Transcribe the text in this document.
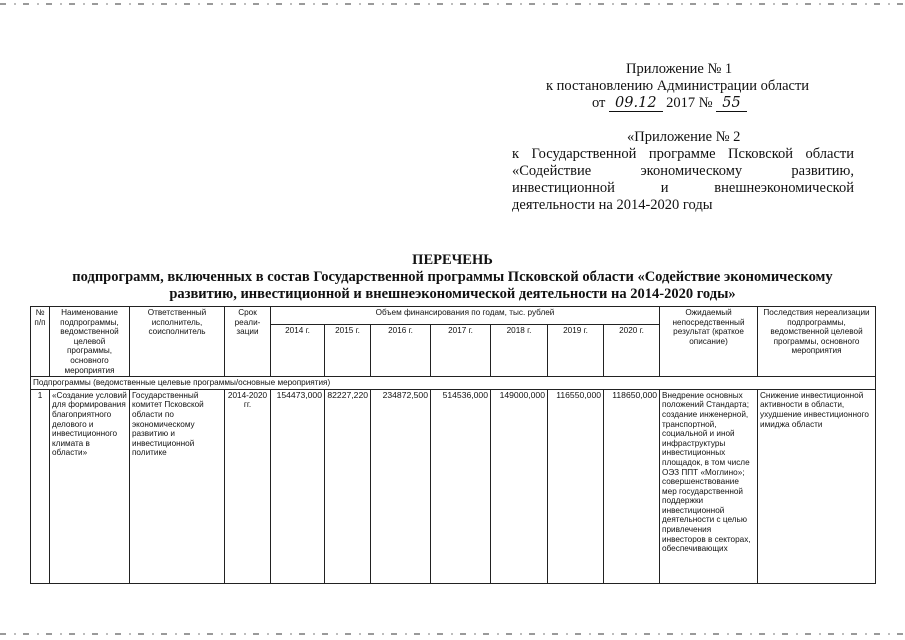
Приложение № 1
к постановлению Администрации области
от 09.12 2017 № 55
«Приложение № 2
к Государственной программе Псковской области
«Содействие экономическому развитию,
инвестиционной и внешнеэкономической
деятельности на 2014-2020 годы
ПЕРЕЧЕНЬ
подпрограмм, включенных в состав Государственной программы Псковской области «Содействие экономическому
развитию, инвестиционной и внешнеэкономической деятельности на 2014-2020 годы»
№ п/п	Наименование подпрограммы, ведомственной целевой программы, основного мероприятия	Ответственный исполнитель, соисполнитель	Срок реали-зации	Объем финансирования по годам, тыс. рублей							Ожидаемый непосредственный результат (краткое описание)	Последствия нереализации подпрограммы, ведомственной целевой программы, основного мероприятия
				2014 г.	2015 г.	2016 г.	2017 г.	2018 г.	2019 г.	2020 г.		
Подпрограммы (ведомственные целевые программы/основные мероприятия)												
1	«Создание условий для формирования благоприятного делового и инвестиционного климата в области»	Государственный комитет Псковской области по экономическому развитию и инвестиционной политике	2014-2020 гг.	154473,000	82227,220	234872,500	514536,000	149000,000	116550,000	118650,000	Внедрение основных положений Стандарта; создание инженерной, транспортной, социальной и иной инфраструктуры инвестиционных площадок, в том числе ОЭЗ ППТ «Моглино»; совершенствование мер государственной поддержки инвестиционной деятельности с целью привлечения инвесторов в секторах, обеспечивающих	Снижение инвестиционной активности в области, ухудшение инвестиционного имиджа области
